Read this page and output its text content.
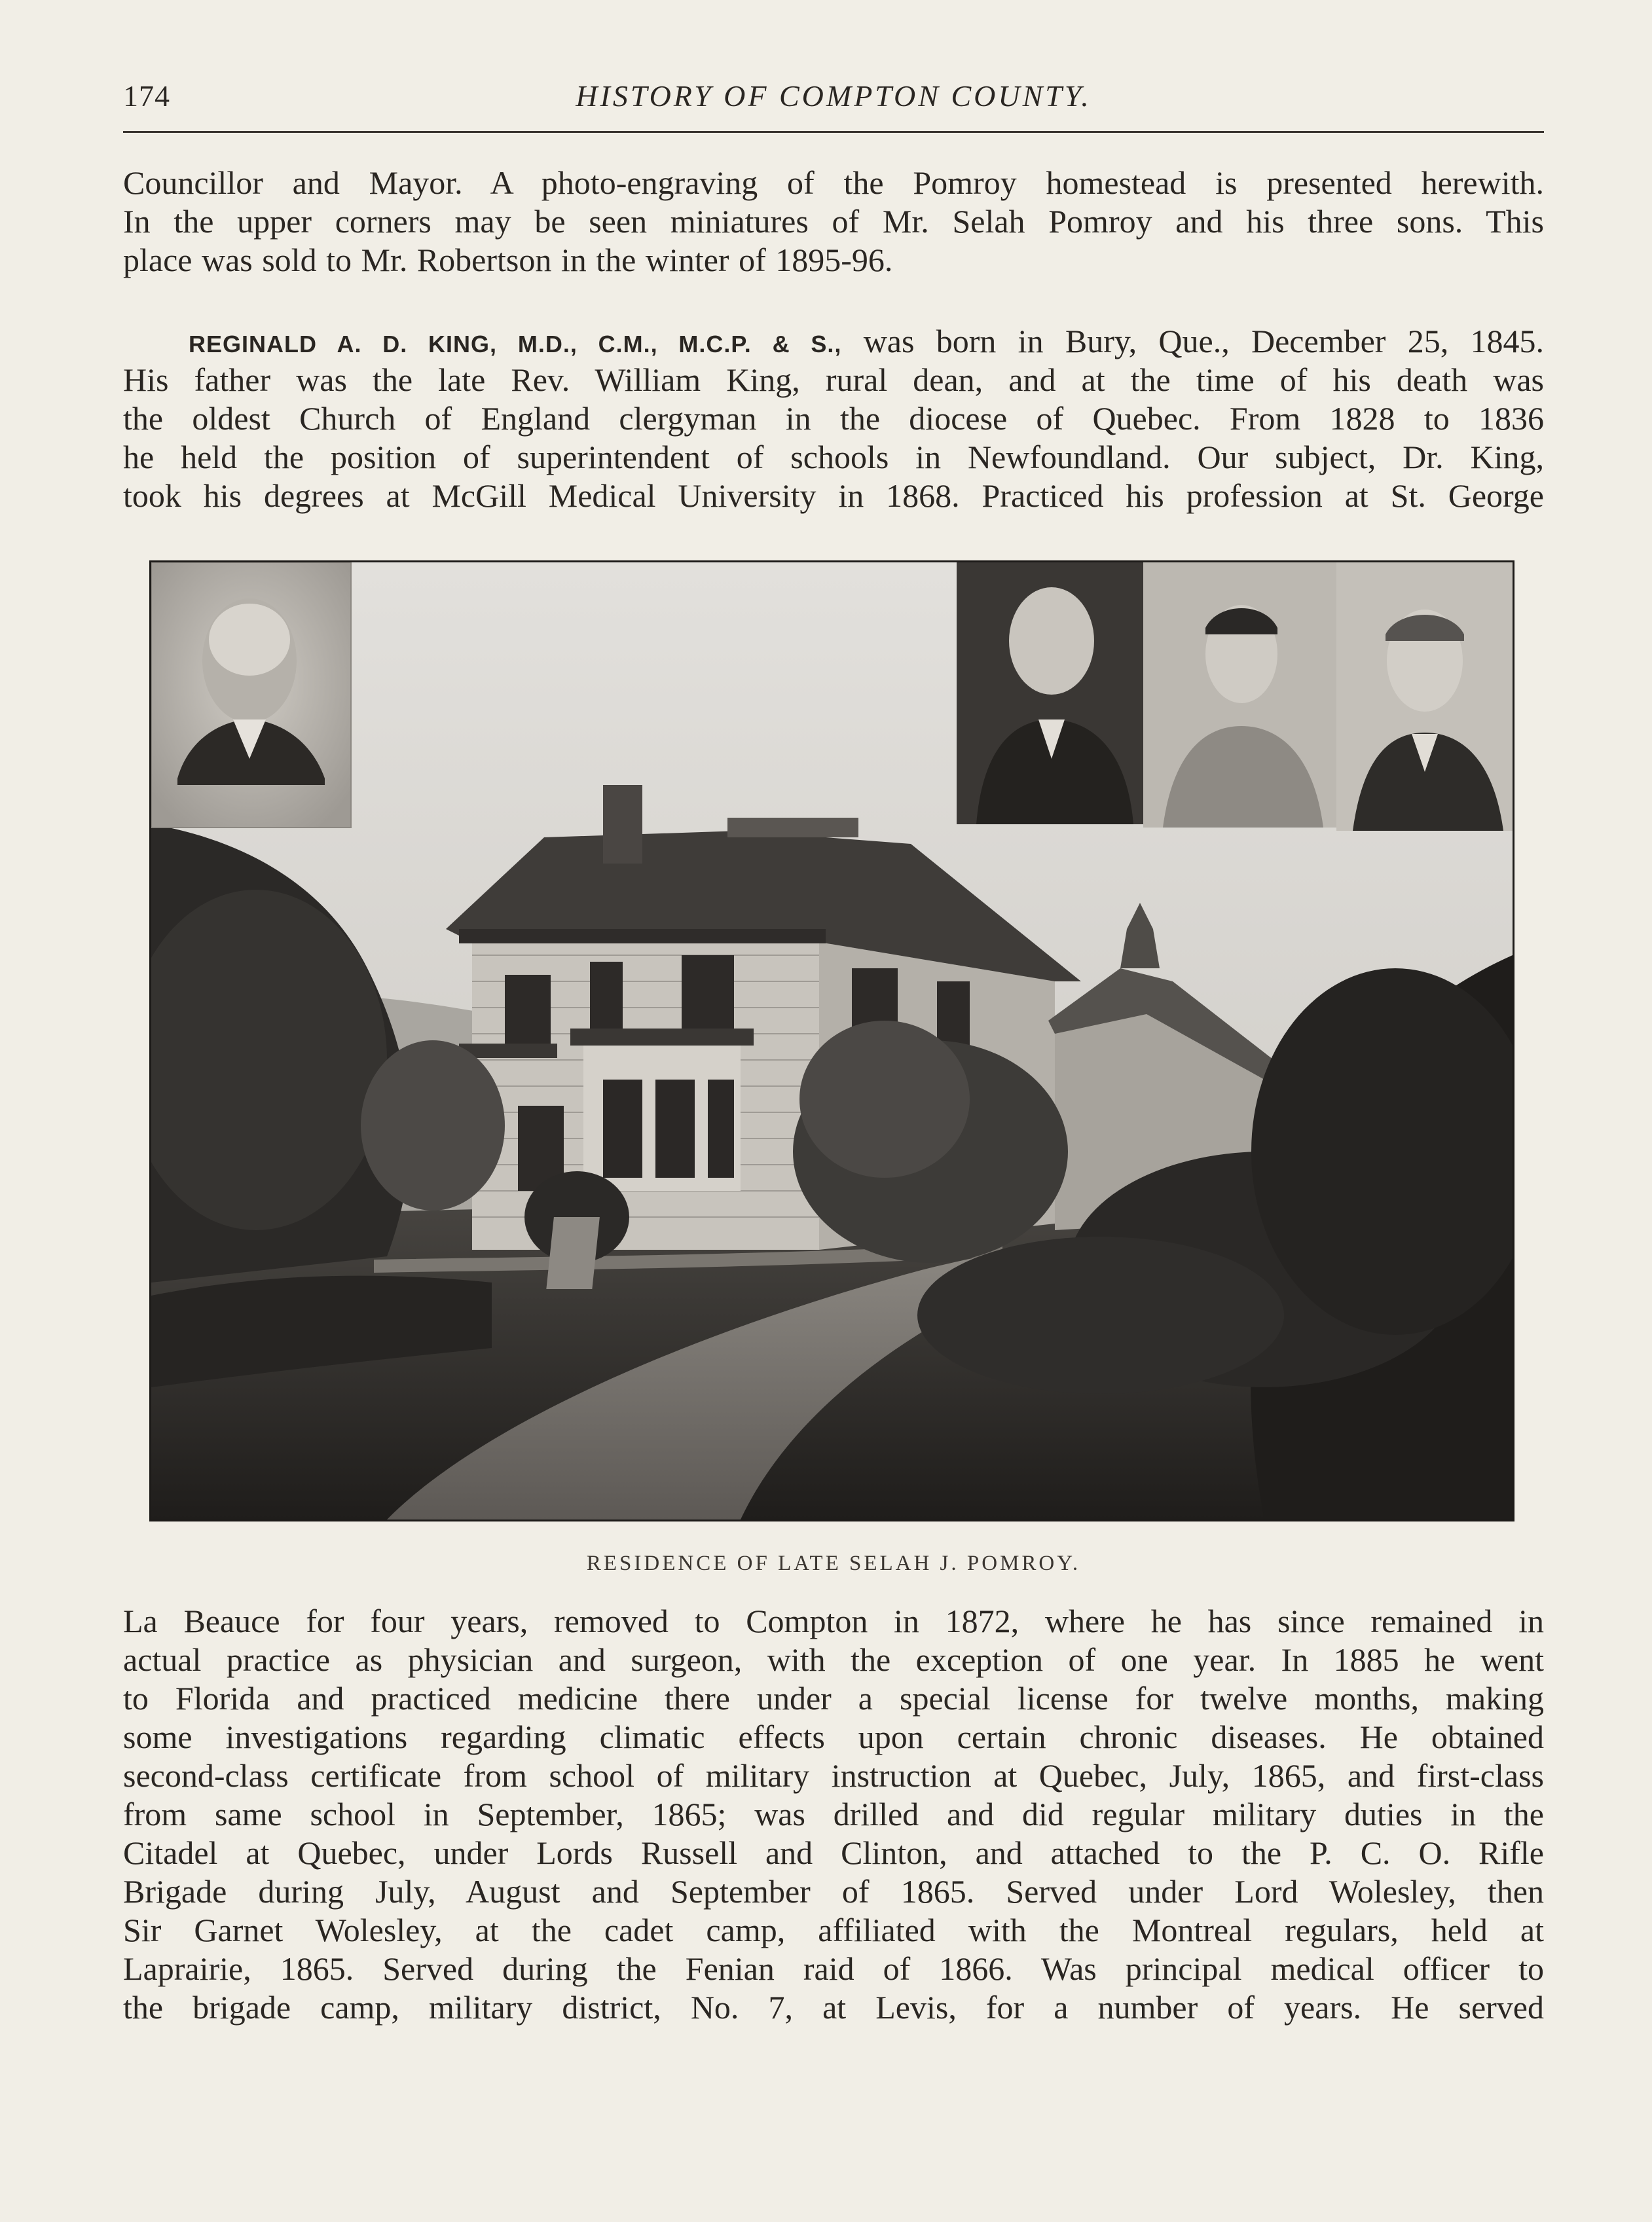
174	HISTORY OF COMPTON COUNTY.
Councillor and Mayor. A photo-engraving of the Pomroy homestead is presented herewith.
In the upper corners may be seen miniatures of Mr. Selah Pomroy and his three sons. This
place was sold to Mr. Robertson in the winter of 1895-96.
REGINALD A. D. KING, M.D., C.M., M.C.P. & S., was born in Bury, Que., December 25, 1845.
His father was the late Rev. William King, rural dean, and at the time of his death was
the oldest Church of England clergyman in the diocese of Quebec. From 1828 to 1836
he held the position of superintendent of schools in Newfoundland. Our subject, Dr. King,
took his degrees at McGill Medical University in 1868. Practiced his profession at St. George
RESIDENCE OF LATE SELAH J. POMROY.
La Beauce for four years, removed to Compton in 1872, where he has since remained in
actual practice as physician and surgeon, with the exception of one year. In 1885 he went
to Florida and practiced medicine there under a special license for twelve months, making
some investigations regarding climatic effects upon certain chronic diseases. He obtained
second-class certificate from school of military instruction at Quebec, July, 1865, and first-class
from same school in September, 1865; was drilled and did regular military duties in the
Citadel at Quebec, under Lords Russell and Clinton, and attached to the P. C. O. Rifle
Brigade during July, August and September of 1865. Served under Lord Wolesley, then
Sir Garnet Wolesley, at the cadet camp, affiliated with the Montreal regulars, held at
Laprairie, 1865. Served during the Fenian raid of 1866. Was principal medical officer to
the brigade camp, military district, No. 7, at Levis, for a number of years. He served
